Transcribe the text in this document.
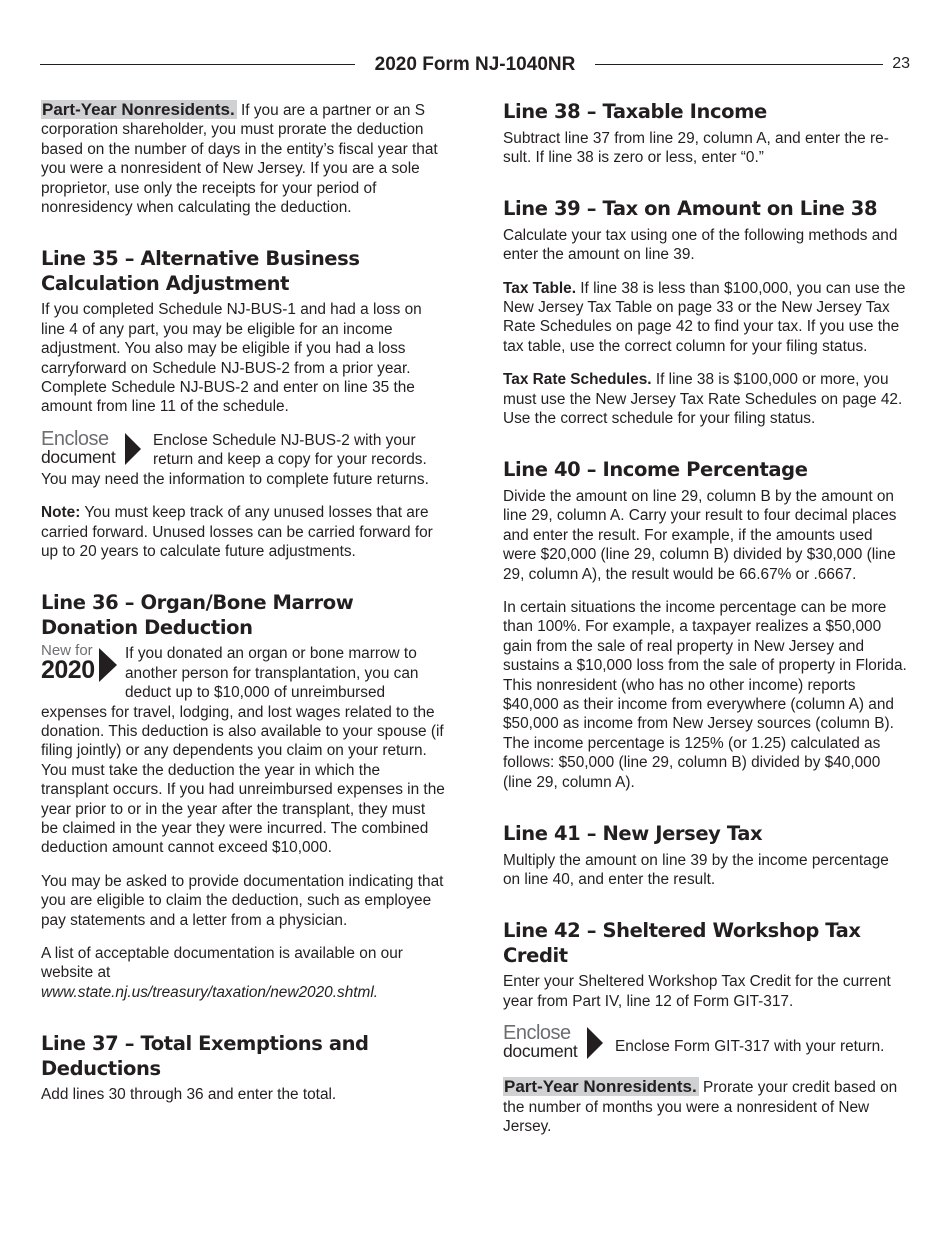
2020 Form NJ-1040NR	23

Part-Year Nonresidents. If you are a partner or an S corporation shareholder, you must prorate the deduction based on the number of days in the entity’s fiscal year that you were a nonresident of New Jersey. If you are a sole proprietor, use only the receipts for your period of nonresidency when calculating the deduction.

Line 35 – Alternative Business Calculation Adjustment

If you completed Schedule NJ-BUS-1 and had a loss on line 4 of any part, you may be eligible for an income adjustment. You also may be eligible if you had a loss carryforward on Schedule NJ-BUS-2 from a prior year. Complete Schedule NJ-BUS-2 and enter on line 35 the amount from line 11 of the schedule.

Enclose
document

Enclose Schedule NJ-BUS-2 with your return and keep a copy for your records. You may need the information to complete future returns.

Note: You must keep track of any unused losses that are carried forward. Unused losses can be carried forward for up to 20 years to calculate future adjustments.

Line 36 – Organ/Bone Marrow Donation Deduction
New for
2020

If you donated an organ or bone marrow to another person for transplantation, you can deduct up to $10,000 of unreimbursed expenses for travel, lodging, and lost wages related to the donation. This deduction is also available to your spouse (if filing jointly) or any dependents you claim on your return. You must take the deduction the year in which the transplant occurs. If you had unreimbursed expenses in the year prior to or in the year after the transplant, they must be claimed in the year they were incurred. The combined deduction amount cannot exceed $10,000.

You may be asked to provide documentation indicating that you are eligible to claim the deduction, such as employee pay statements and a letter from a physician.

A list of acceptable documentation is available on our website at www.state.nj.us/treasury/taxation/new2020.shtml.

Line 37 – Total Exemptions and Deductions

Add lines 30 through 36 and enter the total.

Line 38 – Taxable Income

Subtract line 37 from line 29, column A, and enter the result. If line 38 is zero or less, enter “0.”

Line 39 – Tax on Amount on Line 38

Calculate your tax using one of the following methods and enter the amount on line 39.

Tax Table. If line 38 is less than $100,000, you can use the New Jersey Tax Table on page 33 or the New Jersey Tax Rate Schedules on page 42 to find your tax. If you use the tax table, use the correct column for your filing status.

Tax Rate Schedules. If line 38 is $100,000 or more, you must use the New Jersey Tax Rate Schedules on page 42. Use the correct schedule for your filing status.

Line 40 – Income Percentage

Divide the amount on line 29, column B by the amount on line 29, column A. Carry your result to four decimal places and enter the result. For example, if the amounts used were $20,000 (line 29, column B) divided by $30,000 (line 29, column A), the result would be 66.67% or .6667.

In certain situations the income percentage can be more than 100%. For example, a taxpayer realizes a $50,000 gain from the sale of real property in New Jersey and sustains a $10,000 loss from the sale of property in Florida. This nonresident (who has no other income) reports $40,000 as their income from everywhere (column A) and $50,000 as income from New Jersey sources (column B). The income percentage is 125% (or 1.25) calculated as follows: $50,000 (line 29, column B) divided by $40,000 (line 29, column A).

Line 41 – New Jersey Tax

Multiply the amount on line 39 by the income percentage on line 40, and enter the result.

Line 42 – Sheltered Workshop Tax Credit

Enter your Sheltered Workshop Tax Credit for the current year from Part IV, line 12 of Form GIT-317.

Enclose
document	Enclose Form GIT-317 with your return.

Part-Year Nonresidents. Prorate your credit based on the number of months you were a nonresident of New Jersey.
